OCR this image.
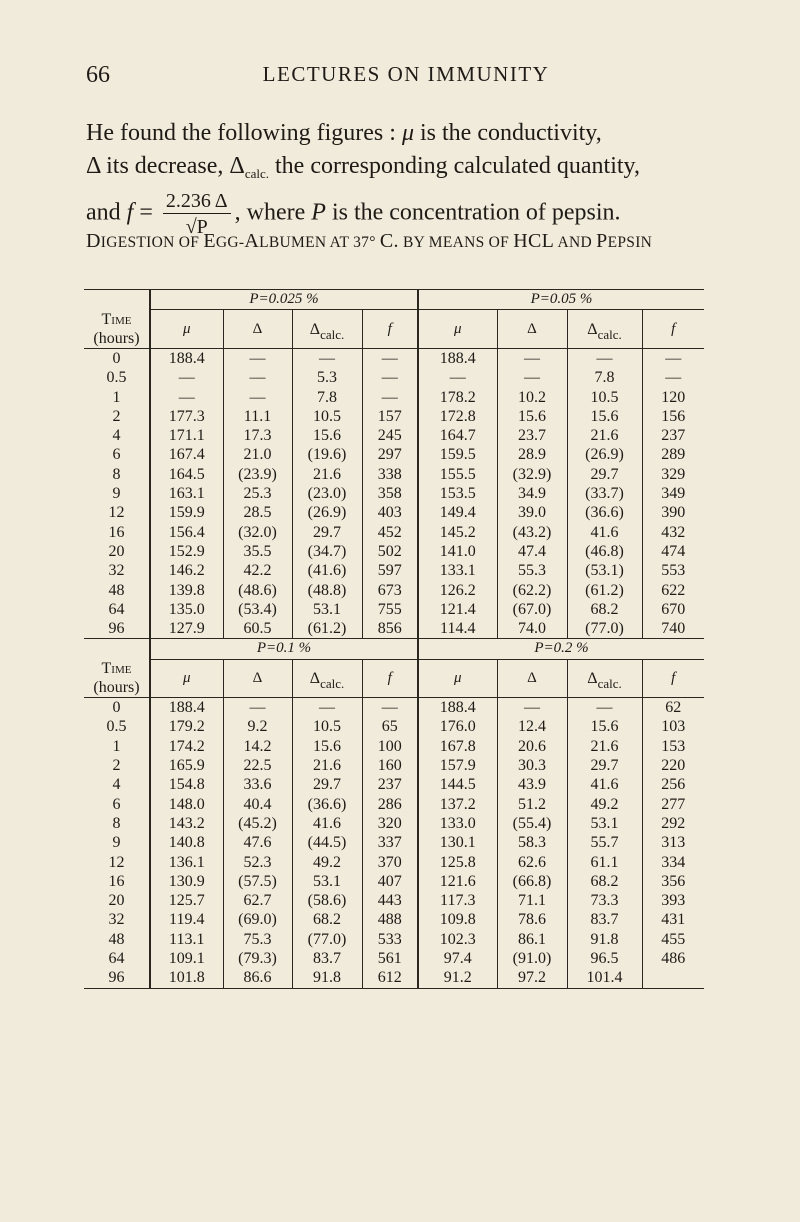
66	LECTURES ON IMMUNITY

He found the following figures : μ is the conductivity,

Δ its decrease, $\Delta_{calc.}$ the corresponding calculated quantity,

and $f = \frac{2.236 \Delta}{√P}$ , where P is the concentration of pepsin.

DIGESTION OF EGG-ALBUMEN AT 37° C. BY MEANS OF HCL AND PEPSIN
	P=0.025 %				P=0.05 %			
Time
(hours)	μ	Δ	$\Delta_{calc.}$	f	μ	Δ	$\Delta_{calc.}$	f
0	188.4	—	—	—	188.4	—	—	—
0.5	—	—	5.3	—	—	—	7.8	—
1	—	—	7.8	—	178.2	10.2	10.5	120
2	177.3	11.1	10.5	157	172.8	15.6	15.6	156
4	171.1	17.3	15.6	245	164.7	23.7	21.6	237
6	167.4	21.0	(19.6)	297	159.5	28.9	(26.9)	289
8	164.5	(23.9)	21.6	338	155.5	(32.9)	29.7	329
9	163.1	25.3	(23.0)	358	153.5	34.9	(33.7)	349
12	159.9	28.5	(26.9)	403	149.4	39.0	(36.6)	390
16	156.4	(32.0)	29.7	452	145.2	(43.2)	41.6	432
20	152.9	35.5	(34.7)	502	141.0	47.4	(46.8)	474
32	146.2	42.2	(41.6)	597	133.1	55.3	(53.1)	553
48	139.8	(48.6)	(48.8)	673	126.2	(62.2)	(61.2)	622
64	135.0	(53.4)	53.1	755	121.4	(67.0)	68.2	670
96	127.9	60.5	(61.2)	856	114.4	74.0	(77.0)	740
	P=0.1 %				P=0.2 %			
Time
(hours)	μ	Δ	$\Delta_{calc.}$	f	μ	Δ	$\Delta_{calc.}$	f
0	188.4	—	—	—	188.4	—	—	62
0.5	179.2	9.2	10.5	65	176.0	12.4	15.6	103
1	174.2	14.2	15.6	100	167.8	20.6	21.6	153
2	165.9	22.5	21.6	160	157.9	30.3	29.7	220
4	154.8	33.6	29.7	237	144.5	43.9	41.6	256
6	148.0	40.4	(36.6)	286	137.2	51.2	49.2	277
8	143.2	(45.2)	41.6	320	133.0	(55.4)	53.1	292
9	140.8	47.6	(44.5)	337	130.1	58.3	55.7	313
12	136.1	52.3	49.2	370	125.8	62.6	61.1	334
16	130.9	(57.5)	53.1	407	121.6	(66.8)	68.2	356
20	125.7	62.7	(58.6)	443	117.3	71.1	73.3	393
32	119.4	(69.0)	68.2	488	109.8	78.6	83.7	431
48	113.1	75.3	(77.0)	533	102.3	86.1	91.8	455
64	109.1	(79.3)	83.7	561	97.4	(91.0)	96.5	486
96	101.8	86.6	91.8	612	91.2	97.2	101.4	
